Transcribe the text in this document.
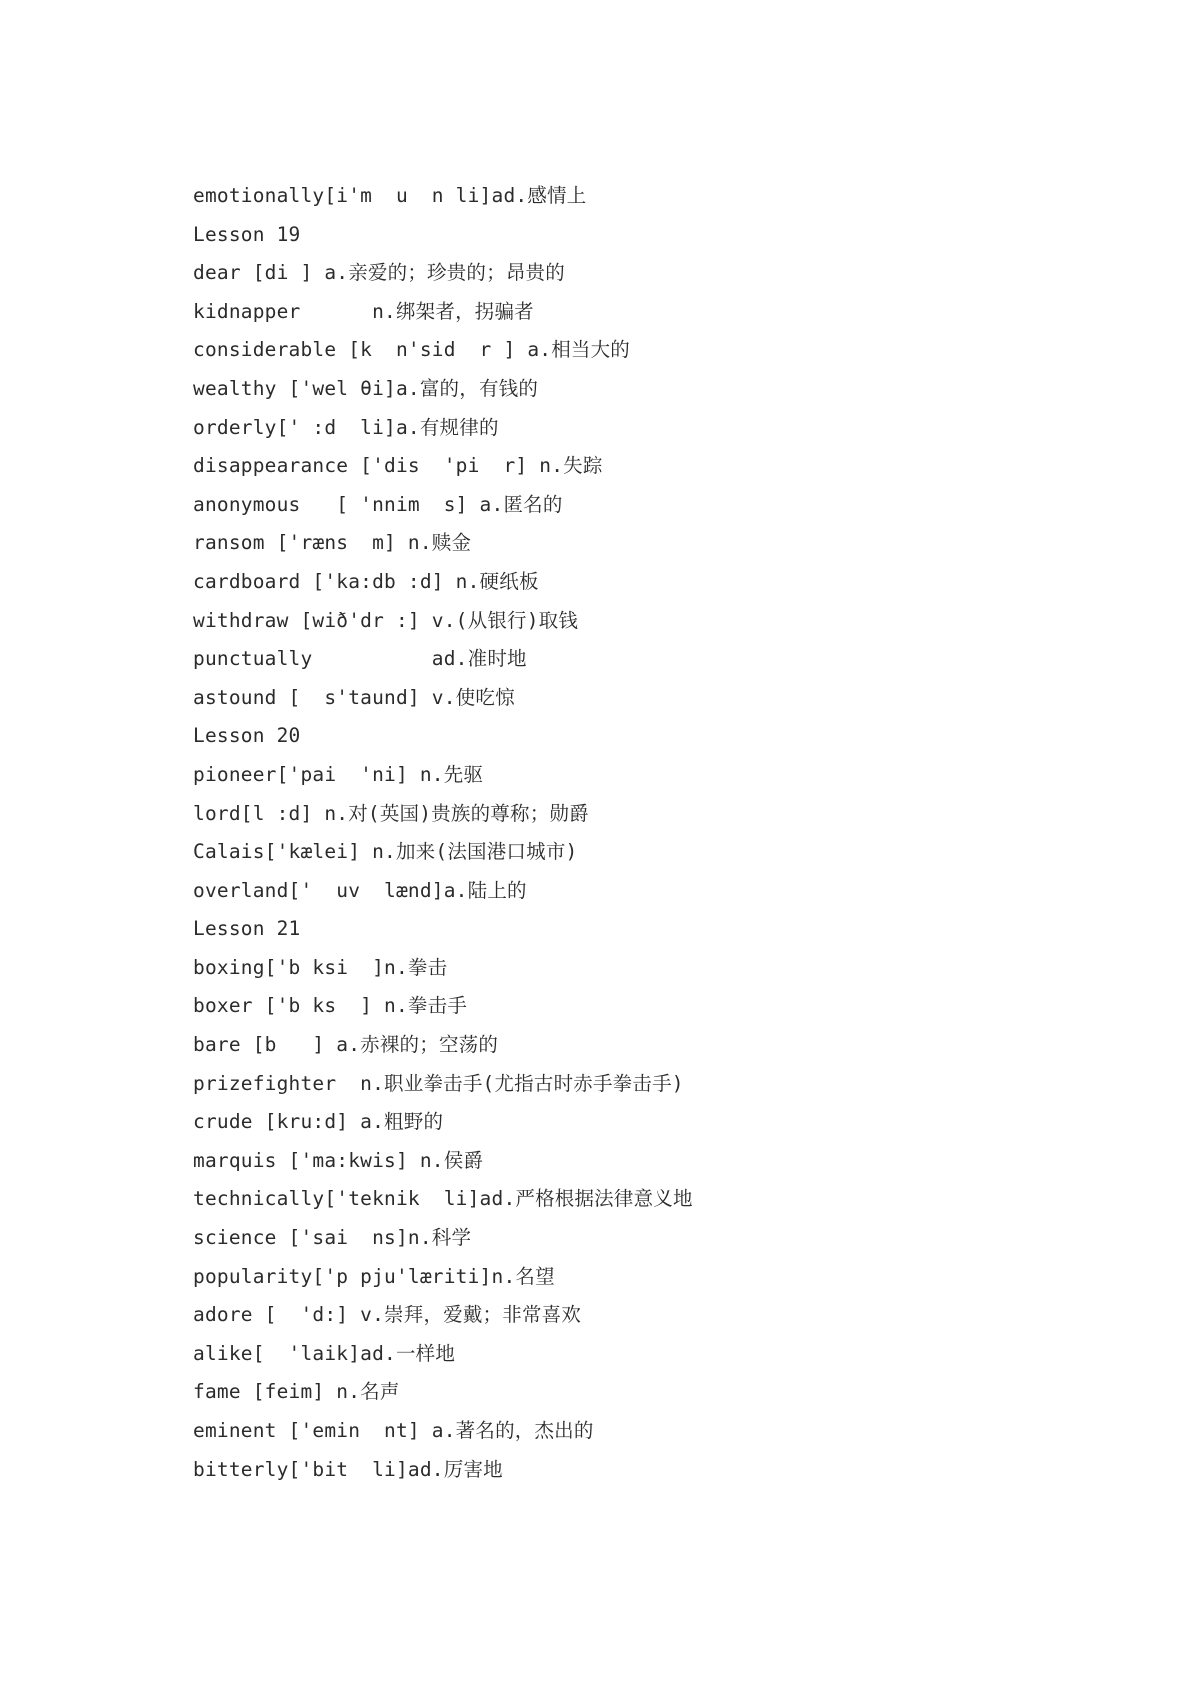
emotionally[i'm  u  n li]ad.感情上
Lesson 19
dear [di ] a.亲爱的；珍贵的；昂贵的
kidnapper      n.绑架者，拐骗者
considerable [k  n'sid  r ] a.相当大的
wealthy ['wel θi]a.富的，有钱的
orderly[' :d  li]a.有规律的
disappearance ['dis  'pi  r] n.失踪
anonymous   [ 'nnim  s] a.匿名的
ransom ['ræns  m] n.赎金
cardboard ['ka:db :d] n.硬纸板
withdraw [wið'dr :] v.(从银行)取钱
punctually          ad.准时地
astound [  s'taund] v.使吃惊
Lesson 20
pioneer['pai  'ni] n.先驱
lord[l :d] n.对(英国)贵族的尊称；勋爵
Calais['kælei] n.加来(法国港口城市)
overland['  uv  lænd]a.陆上的
Lesson 21
boxing['b ksi  ]n.拳击
boxer ['b ks  ] n.拳击手
bare [b   ] a.赤裸的；空荡的
prizefighter  n.职业拳击手(尤指古时赤手拳击手)
crude [kru:d] a.粗野的
marquis ['ma:kwis] n.侯爵
technically['teknik  li]ad.严格根据法律意义地
science ['sai  ns]n.科学
popularity['p pju'læriti]n.名望
adore [  'd:] v.崇拜，爱戴；非常喜欢
alike[  'laik]ad.一样地
fame [feim] n.名声
eminent ['emin  nt] a.著名的，杰出的
bitterly['bit  li]ad.厉害地
